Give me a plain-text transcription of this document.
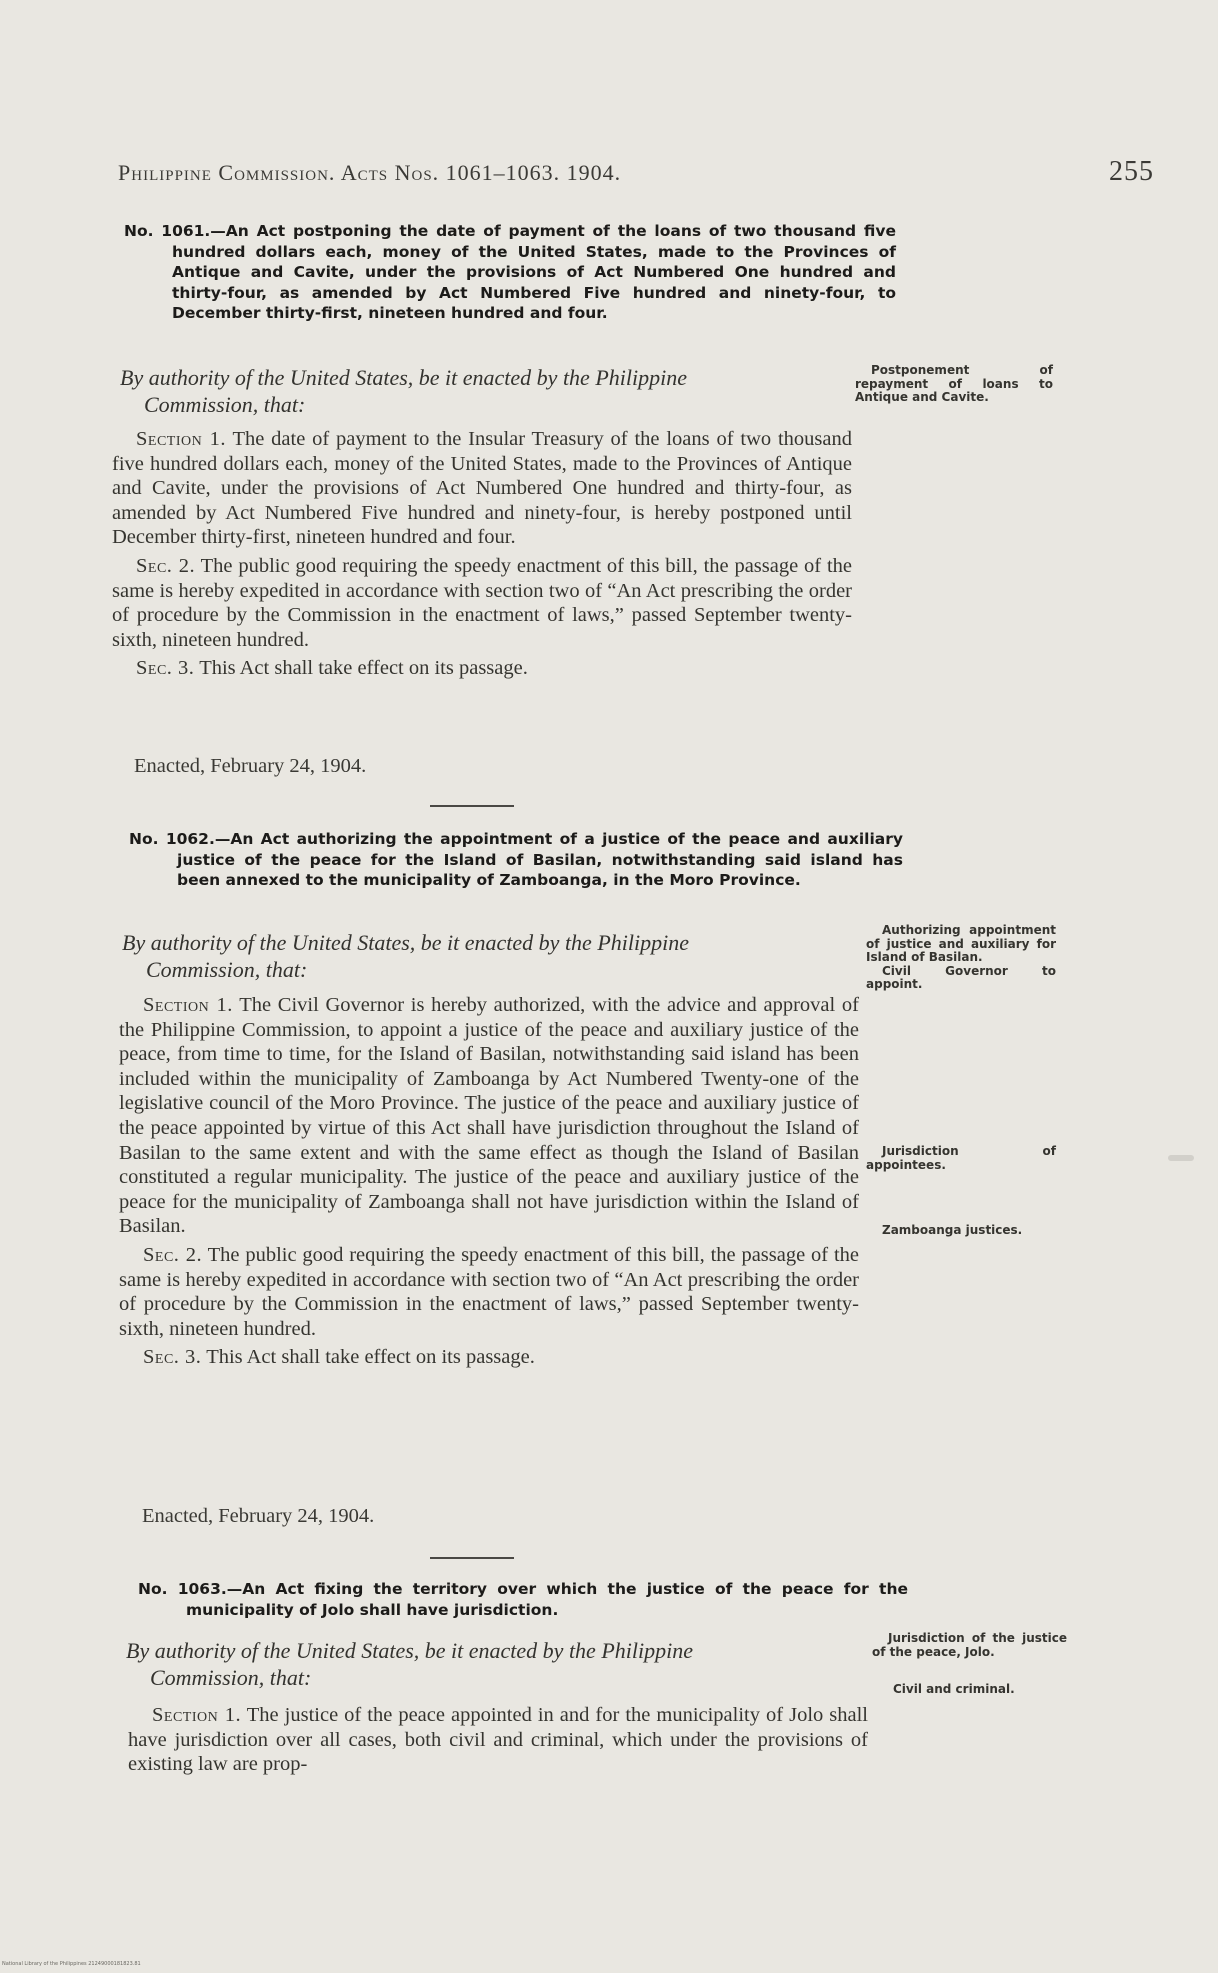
Philippine Commission. Acts Nos. 1061–1063. 1904.	255

No. 1061.—An Act postponing the date of payment of the loans of two thousand five hundred dollars each, money of the United States, made to the Provinces of Antique and Cavite, under the provisions of Act Numbered One hundred and thirty-four, as amended by Act Numbered Five hundred and ninety-four, to December thirty-first, nineteen hundred and four.

By authority of the United States, be it enacted by the Philippine
Commission, that:
Postponement of repayment of loans to Antique and Cavite.

Section 1. The date of payment to the Insular Treasury of the loans of two thousand five hundred dollars each, money of the United States, made to the Provinces of Antique and Cavite, under the provisions of Act Numbered One hundred and thirty-four, as amended by Act Numbered Five hundred and ninety-four, is hereby postponed until December thirty-first, nineteen hundred and four.

Sec. 2. The public good requiring the speedy enactment of this bill, the passage of the same is hereby expedited in accordance with section two of “An Act prescribing the order of procedure by the Commission in the enactment of laws,” passed September twenty-sixth, nineteen hundred.

Sec. 3. This Act shall take effect on its passage.

Enacted, February 24, 1904.

No. 1062.—An Act authorizing the appointment of a justice of the peace and auxiliary justice of the peace for the Island of Basilan, notwithstanding said island has been annexed to the municipality of Zamboanga, in the Moro Province.

By authority of the United States, be it enacted by the Philippine
Commission, that:
Authorizing appointment of justice and auxiliary for Island of Basilan.
Civil Governor to appoint.
Jurisdiction of appointees.
Zamboanga justices.

Section 1. The Civil Governor is hereby authorized, with the advice and approval of the Philippine Commission, to appoint a justice of the peace and auxiliary justice of the peace, from time to time, for the Island of Basilan, notwithstanding said island has been included within the municipality of Zamboanga by Act Numbered Twenty-one of the legislative council of the Moro Province. The justice of the peace and auxiliary justice of the peace appointed by virtue of this Act shall have jurisdiction throughout the Island of Basilan to the same extent and with the same effect as though the Island of Basilan constituted a regular municipality. The justice of the peace and auxiliary justice of the peace for the municipality of Zamboanga shall not have jurisdiction within the Island of Basilan.

Sec. 2. The public good requiring the speedy enactment of this bill, the passage of the same is hereby expedited in accordance with section two of “An Act prescribing the order of procedure by the Commission in the enactment of laws,” passed September twenty-sixth, nineteen hundred.

Sec. 3. This Act shall take effect on its passage.

Enacted, February 24, 1904.

No. 1063.—An Act fixing the territory over which the justice of the peace for the municipality of Jolo shall have jurisdiction.

By authority of the United States, be it enacted by the Philippine
Commission, that:
Jurisdiction of the justice of the peace, Jolo.
Civil and criminal.

Section 1. The justice of the peace appointed in and for the municipality of Jolo shall have jurisdiction over all cases, both civil and criminal, which under the provisions of existing law are prop-

National Library of the Philippines 21249000181823.81
